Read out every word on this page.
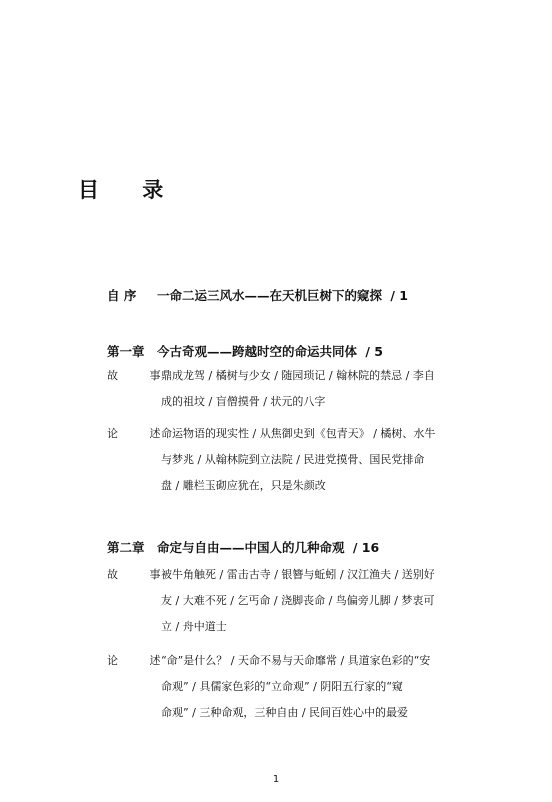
目 录
自 序 一命二运三风水——在天机巨树下的窥探 / 1
第一章 今古奇观——跨越时空的命运共同体 / 5
故 事
鼎成龙驾 / 橘树与少女 / 随园琐记 / 翰林院的禁忌 / 李自
成的祖坟 / 盲僧摸骨 / 状元的八字
论 述
命运物语的现实性 / 从焦御史到《包青天》 / 橘树、水牛
与梦兆 / 从翰林院到立法院 / 民进党摸骨、国民党排命
盘 / 雕栏玉砌应犹在，只是朱颜改
第二章 命定与自由——中国人的几种命观 / 16
故 事
被牛角触死 / 雷击古寺 / 银簪与蚯蚓 / 汉江渔夫 / 送别好
友 / 大难不死 / 乞丐命 / 浇脚丧命 / 鸟偏旁儿脚 / 梦衷可
立 / 舟中道士
论 述
“命”是什么？ / 天命不易与天命靡常 / 具道家色彩的“安
命观” / 具儒家色彩的“立命观” / 阴阳五行家的“窥
命观” / 三种命观，三种自由 / 民间百姓心中的最爱
1
